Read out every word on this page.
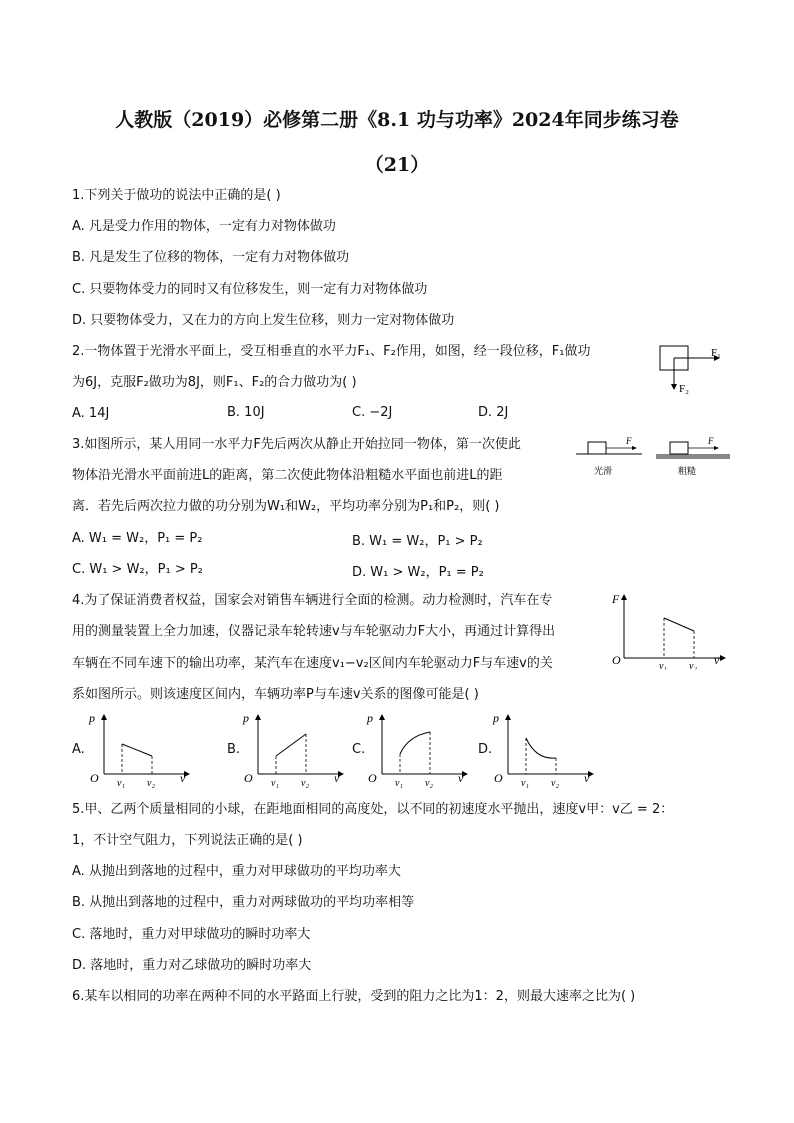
人教版（2019）必修第二册《8.1 功与功率》2024年同步练习卷
（21）
1.下列关于做功的说法中正确的是( )
A. 凡是受力作用的物体，一定有力对物体做功
B. 凡是发生了位移的物体，一定有力对物体做功
C. 只要物体受力的同时又有位移发生，则一定有力对物体做功
D. 只要物体受力，又在力的方向上发生位移，则力一定对物体做功
2.一物体置于光滑水平面上，受互相垂直的水平力F₁、F₂作用，如图，经一段位移，F₁做功
为6J，克服F₂做功为8J，则F₁、F₂的合力做功为( )
A. 14J	B. 10J	C. −2J	D. 2J
F₁
F₂
3.如图所示，某人用同一水平力F先后两次从静止开始拉同一物体，第一次使此
物体沿光滑水平面前进L的距离，第二次使此物体沿粗糙水平面也前进L的距
离．若先后两次拉力做的功分别为W₁和W₂，平均功率分别为P₁和P₂，则( )
A. W₁ = W₂，P₁ = P₂	B. W₁ = W₂，P₁ > P₂
C. W₁ > W₂，P₁ > P₂	D. W₁ > W₂，P₁ = P₂
F
光滑
F
粗糙
4.为了保证消费者权益，国家会对销售车辆进行全面的检测。动力检测时，汽车在专
用的测量装置上全力加速，仪器记录车轮转速v与车轮驱动力F大小，再通过计算得出
车辆在不同车速下的输出功率，某汽车在速度v₁−v₂区间内车轮驱动力F与车速v的关
系如图所示。则该速度区间内，车辆功率P与车速v关系的图像可能是( )
F
O	v
v₁ v₂
A.
p
O	v
v₁ v₂
B.
p
O	v
v₁ v₂
C.
p
O	v
v₁ v₂
D.
p
O	v
v₁ v₂
5.甲、乙两个质量相同的小球，在距地面相同的高度处，以不同的初速度水平抛出，速度v甲：v乙 = 2：
1，不计空气阻力，下列说法正确的是( )
A. 从抛出到落地的过程中，重力对甲球做功的平均功率大
B. 从抛出到落地的过程中，重力对两球做功的平均功率相等
C. 落地时，重力对甲球做功的瞬时功率大
D. 落地时，重力对乙球做功的瞬时功率大
6.某车以相同的功率在两种不同的水平路面上行驶，受到的阻力之比为1：2，则最大速率之比为( )
